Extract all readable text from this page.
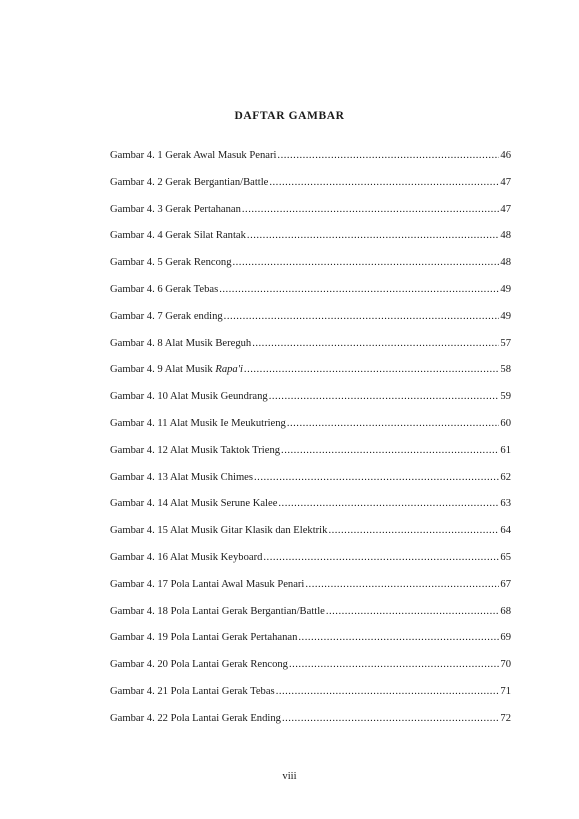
DAFTAR GAMBAR
Gambar 4. 1 Gerak Awal Masuk Penari .....	46
Gambar 4. 2 Gerak Bergantian/Battle .....	47
Gambar 4. 3 Gerak Pertahanan .....	47
Gambar 4. 4 Gerak Silat Rantak .....	48
Gambar 4. 5 Gerak Rencong .....	48
Gambar 4. 6 Gerak Tebas .....	49
Gambar 4. 7 Gerak ending .....	49
Gambar 4. 8 Alat Musik Bereguh .....	57
Gambar 4. 9 Alat Musik Rapa'i .....	58
Gambar 4. 10 Alat Musik Geundrang .....	59
Gambar 4. 11 Alat Musik Ie Meukutrieng .....	60
Gambar 4. 12 Alat Musik Taktok Trieng .....	61
Gambar 4. 13 Alat Musik Chimes .....	62
Gambar 4. 14 Alat Musik Serune Kalee .....	63
Gambar 4. 15 Alat Musik Gitar Klasik dan Elektrik .....	64
Gambar 4. 16 Alat Musik Keyboard .....	65
Gambar 4. 17 Pola Lantai Awal Masuk Penari .....	67
Gambar 4. 18 Pola Lantai Gerak Bergantian/Battle .....	68
Gambar 4. 19 Pola Lantai Gerak Pertahanan .....	69
Gambar 4. 20 Pola Lantai Gerak Rencong .....	70
Gambar 4. 21 Pola Lantai Gerak Tebas .....	71
Gambar 4. 22 Pola Lantai Gerak Ending .....	72
viii
